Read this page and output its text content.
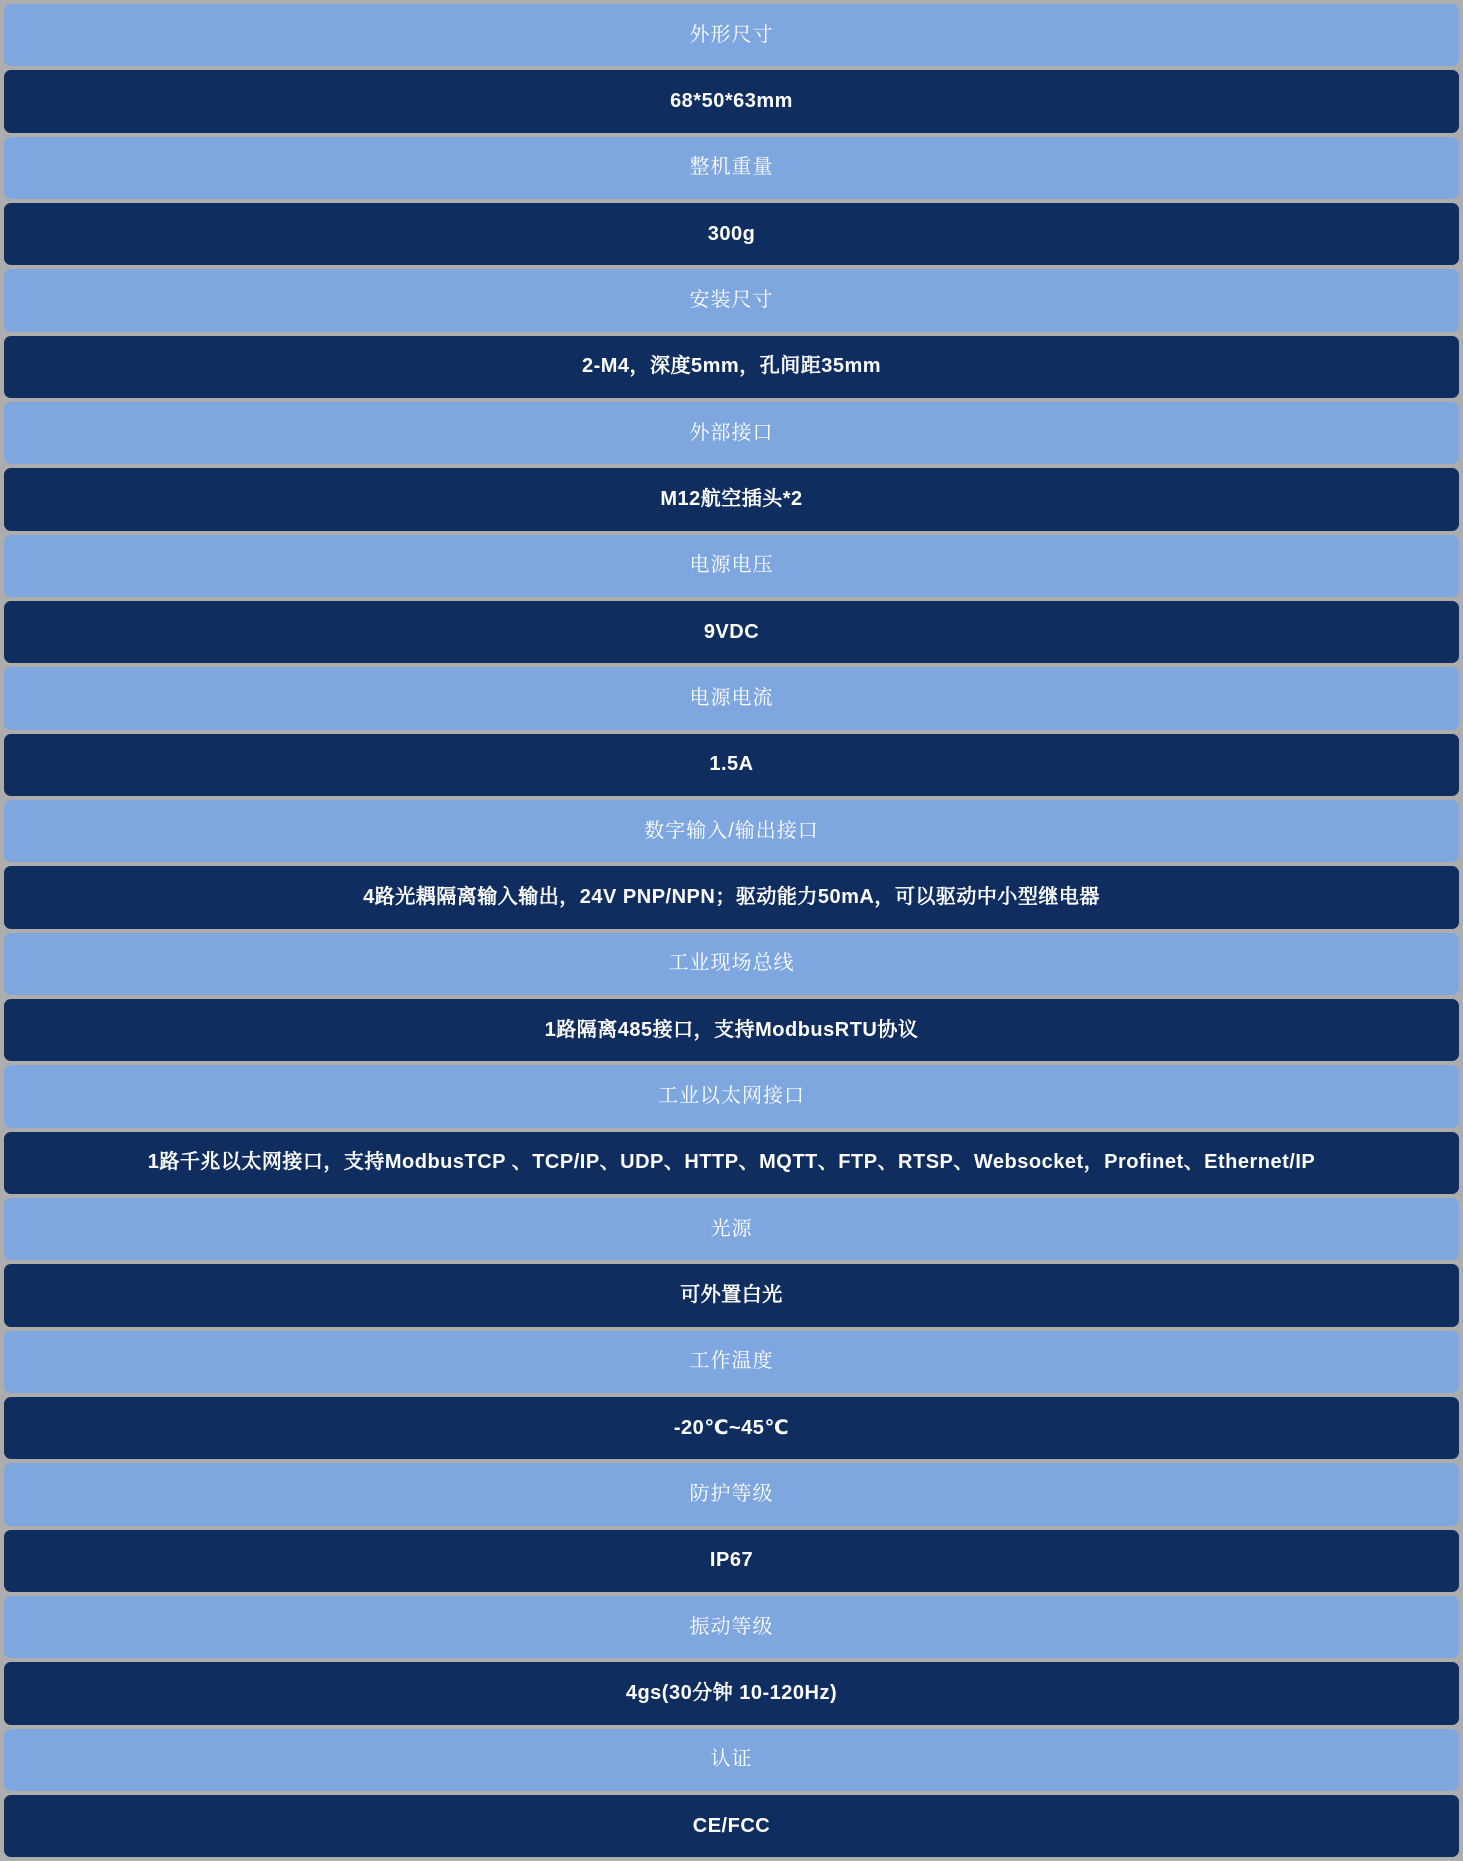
外形尺寸
68*50*63mm
整机重量
300g
安装尺寸
2-M4，深度5mm，孔间距35mm
外部接口
M12航空插头*2
电源电压
9VDC
电源电流
1.5A
数字输入/输出接口
4路光耦隔离输入输出，24V PNP/NPN；驱动能力50mA，可以驱动中小型继电器
工业现场总线
1路隔离485接口，支持ModbusRTU协议
工业以太网接口
1路千兆以太网接口，支持ModbusTCP 、TCP/IP、UDP、HTTP、MQTT、FTP、RTSP、Websocket，Profinet、Ethernet/IP
光源
可外置白光
工作温度
-20℃~45℃
防护等级
IP67
振动等级
4gs(30分钟 10-120Hz)
认证
CE/FCC
